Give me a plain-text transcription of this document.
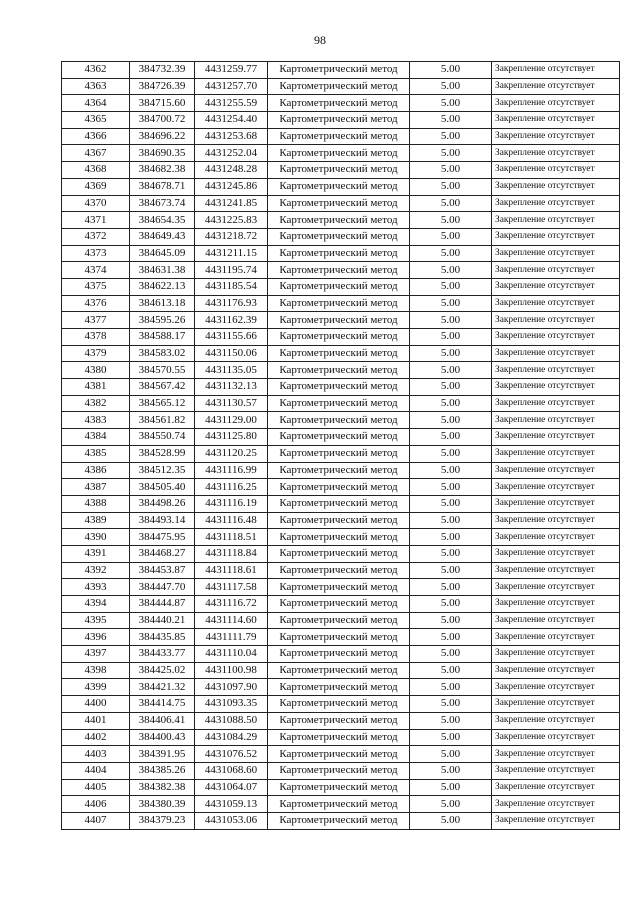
98
4362	384732.39	4431259.77	Картометрический метод	5.00	Закрепление отсутствует
4363	384726.39	4431257.70	Картометрический метод	5.00	Закрепление отсутствует
4364	384715.60	4431255.59	Картометрический метод	5.00	Закрепление отсутствует
4365	384700.72	4431254.40	Картометрический метод	5.00	Закрепление отсутствует
4366	384696.22	4431253.68	Картометрический метод	5.00	Закрепление отсутствует
4367	384690.35	4431252.04	Картометрический метод	5.00	Закрепление отсутствует
4368	384682.38	4431248.28	Картометрический метод	5.00	Закрепление отсутствует
4369	384678.71	4431245.86	Картометрический метод	5.00	Закрепление отсутствует
4370	384673.74	4431241.85	Картометрический метод	5.00	Закрепление отсутствует
4371	384654.35	4431225.83	Картометрический метод	5.00	Закрепление отсутствует
4372	384649.43	4431218.72	Картометрический метод	5.00	Закрепление отсутствует
4373	384645.09	4431211.15	Картометрический метод	5.00	Закрепление отсутствует
4374	384631.38	4431195.74	Картометрический метод	5.00	Закрепление отсутствует
4375	384622.13	4431185.54	Картометрический метод	5.00	Закрепление отсутствует
4376	384613.18	4431176.93	Картометрический метод	5.00	Закрепление отсутствует
4377	384595.26	4431162.39	Картометрический метод	5.00	Закрепление отсутствует
4378	384588.17	4431155.66	Картометрический метод	5.00	Закрепление отсутствует
4379	384583.02	4431150.06	Картометрический метод	5.00	Закрепление отсутствует
4380	384570.55	4431135.05	Картометрический метод	5.00	Закрепление отсутствует
4381	384567.42	4431132.13	Картометрический метод	5.00	Закрепление отсутствует
4382	384565.12	4431130.57	Картометрический метод	5.00	Закрепление отсутствует
4383	384561.82	4431129.00	Картометрический метод	5.00	Закрепление отсутствует
4384	384550.74	4431125.80	Картометрический метод	5.00	Закрепление отсутствует
4385	384528.99	4431120.25	Картометрический метод	5.00	Закрепление отсутствует
4386	384512.35	4431116.99	Картометрический метод	5.00	Закрепление отсутствует
4387	384505.40	4431116.25	Картометрический метод	5.00	Закрепление отсутствует
4388	384498.26	4431116.19	Картометрический метод	5.00	Закрепление отсутствует
4389	384493.14	4431116.48	Картометрический метод	5.00	Закрепление отсутствует
4390	384475.95	4431118.51	Картометрический метод	5.00	Закрепление отсутствует
4391	384468.27	4431118.84	Картометрический метод	5.00	Закрепление отсутствует
4392	384453.87	4431118.61	Картометрический метод	5.00	Закрепление отсутствует
4393	384447.70	4431117.58	Картометрический метод	5.00	Закрепление отсутствует
4394	384444.87	4431116.72	Картометрический метод	5.00	Закрепление отсутствует
4395	384440.21	4431114.60	Картометрический метод	5.00	Закрепление отсутствует
4396	384435.85	4431111.79	Картометрический метод	5.00	Закрепление отсутствует
4397	384433.77	4431110.04	Картометрический метод	5.00	Закрепление отсутствует
4398	384425.02	4431100.98	Картометрический метод	5.00	Закрепление отсутствует
4399	384421.32	4431097.90	Картометрический метод	5.00	Закрепление отсутствует
4400	384414.75	4431093.35	Картометрический метод	5.00	Закрепление отсутствует
4401	384406.41	4431088.50	Картометрический метод	5.00	Закрепление отсутствует
4402	384400.43	4431084.29	Картометрический метод	5.00	Закрепление отсутствует
4403	384391.95	4431076.52	Картометрический метод	5.00	Закрепление отсутствует
4404	384385.26	4431068.60	Картометрический метод	5.00	Закрепление отсутствует
4405	384382.38	4431064.07	Картометрический метод	5.00	Закрепление отсутствует
4406	384380.39	4431059.13	Картометрический метод	5.00	Закрепление отсутствует
4407	384379.23	4431053.06	Картометрический метод	5.00	Закрепление отсутствует
